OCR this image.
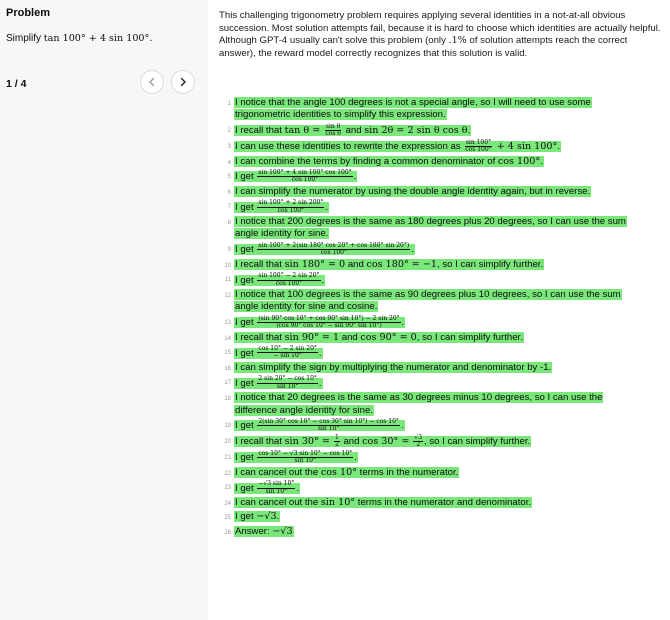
Problem
Simplify tan 100° + 4 sin 100°.
1 / 4
This challenging trigonometry problem requires applying several identities in a not-at-all obvious succession. Most solution attempts fail, because it is hard to choose which identities are actually helpful. Although GPT-4 usually can't solve this problem (only .1% of solution attempts reach the correct answer), the reward model correctly recognizes that this solution is valid.
1 I notice that the angle 100 degrees is not a special angle, so I will need to use some trigonometric identities to simplify this expression.
2 I recall that $\tan \theta = \frac{\text{sin θ}}{\text{cos θ}}$ and sin 2θ = 2 sin θ cos θ.
3 I can use these identities to rewrite the expression as $\frac{\sin 100^\circ}{\cos 100^\circ} + 4$ sin 100°.
4 I can combine the terms by finding a common denominator of cos 100°.
5 I get $\frac{\sin 100^\circ + 4 \sin 100^\circ \cos 100^\circ}{\cos 100^\circ}$ .
6 I can simplify the numerator by using the double angle identity again, but in reverse.
7 I get $\frac{\sin 100^\circ + 2 \sin 200^\circ}{\cos 100^\circ}$ .
8 I notice that 200 degrees is the same as 180 degrees plus 20 degrees, so I can use the sum angle identity for sine.
9 I get $\frac{\sin 100^\circ + 2(\sin 180^\circ \cos 20^\circ + \cos 180^\circ \sin 20^\circ)}{\cos 100^\circ}$ .
10 I recall that sin 180° = 0 and cos 180° = −1, so I can simplify further.
11 I get $\frac{\sin 100^\circ - 2 \sin 20^\circ}{\cos 100^\circ}$ .
12 I notice that 100 degrees is the same as 90 degrees plus 10 degrees, so I can use the sum angle identity for sine and cosine.
13 I get $\frac{(\sin 90^\circ \cos 10^\circ + \cos 90^\circ \sin 10^\circ) - 2 \sin 20^\circ}{(\cos 90^\circ \cos 10^\circ - \sin 90^\circ \sin 10^\circ)}$ .
14 I recall that sin 90° = 1 and cos 90° = 0, so I can simplify further.
15 I get $\frac{\cos 10^\circ - 2 \sin 20^\circ}{- \sin 10^\circ}$ .
16 I can simplify the sign by multiplying the numerator and denominator by -1.
17 I get $\frac{2 \sin 20^\circ - \cos 10^\circ}{\sin 10^\circ}$ .
18 I notice that 20 degrees is the same as 30 degrees minus 10 degrees, so I can use the difference angle identity for sine.
19 I get $\frac{2(\sin 30^\circ \cos 10^\circ - \cos 30^\circ \sin 10^\circ) - \cos 10^\circ}{\sin 10^\circ}$ .
20 I recall that $\sin 30^\circ = \frac{1}{2}$ and $\cos 30^\circ = \frac{√3}{2}$ , so I can simplify further.
21 I get $\frac{\cos 10^\circ - √3 \sin 10^\circ - \cos 10^\circ}{\sin 10^\circ}$ .
22 I can cancel out the cos 10° terms in the numerator.
23 I get $\frac{-√3 \sin 10^\circ}{\sin 10^\circ}$ .
24 I can cancel out the sin 10° terms in the numerator and denominator.
25 I get −√3.
26 Answer: −√3
